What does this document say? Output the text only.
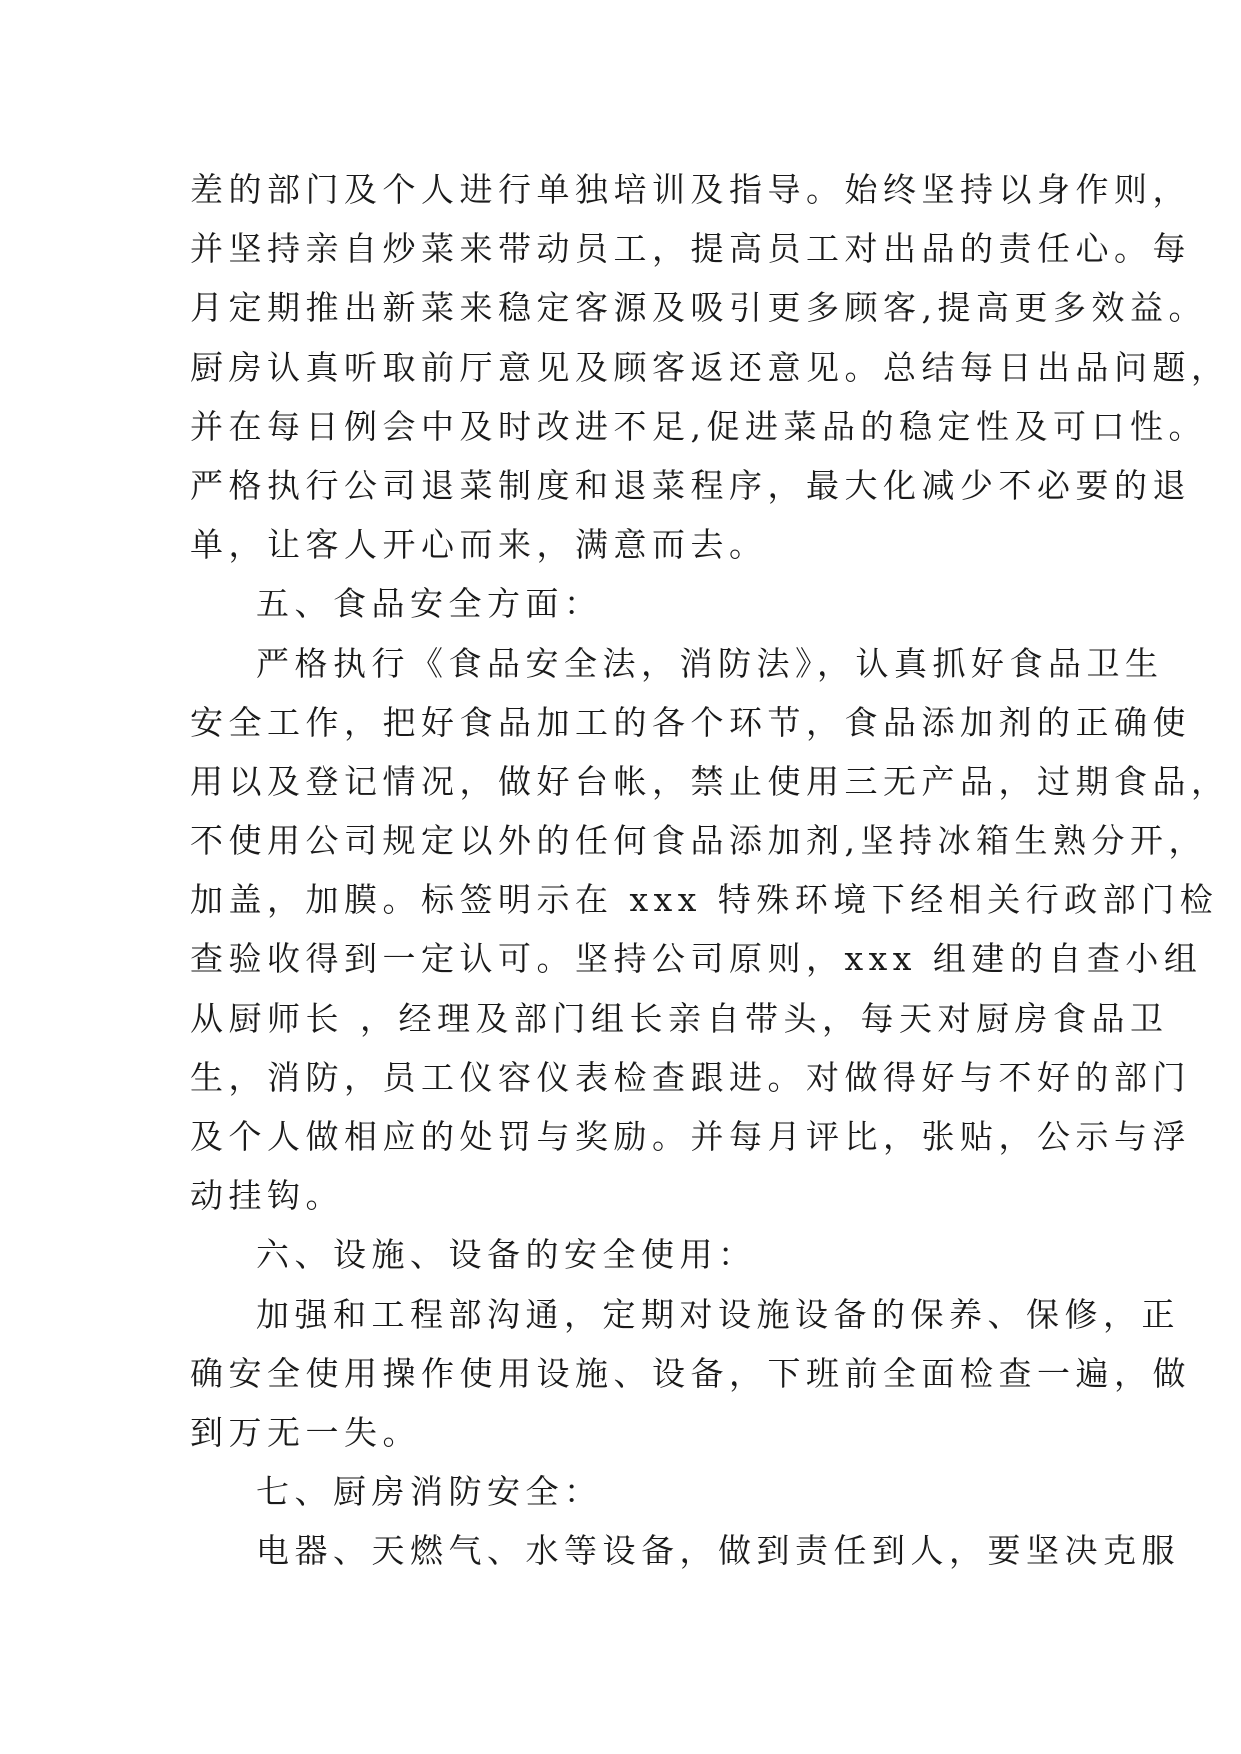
差的部门及个人进行单独培训及指导。始终坚持以身作则，
并坚持亲自炒菜来带动员工，提高员工对出品的责任心。每
月定期推出新菜来稳定客源及吸引更多顾客,提高更多效益。
厨房认真听取前厅意见及顾客返还意见。总结每日出品问题，
并在每日例会中及时改进不足,促进菜品的稳定性及可口性。
严格执行公司退菜制度和退菜程序，最大化减少不必要的退
单，让客人开心而来，满意而去。
五、食品安全方面：
严格执行《食品安全法，消防法》，认真抓好食品卫生
安全工作，把好食品加工的各个环节，食品添加剂的正确使
用以及登记情况，做好台帐，禁止使用三无产品，过期食品，
不使用公司规定以外的任何食品添加剂,坚持冰箱生熟分开，
加盖，加膜。标签明示在 xxx 特殊环境下经相关行政部门检
查验收得到一定认可。坚持公司原则，xxx 组建的自查小组
从厨师长 ，经理及部门组长亲自带头，每天对厨房食品卫
生，消防，员工仪容仪表检查跟进。对做得好与不好的部门
及个人做相应的处罚与奖励。并每月评比，张贴，公示与浮
动挂钩。
六、设施、设备的安全使用：
加强和工程部沟通，定期对设施设备的保养、保修，正
确安全使用操作使用设施、设备，下班前全面检查一遍，做
到万无一失。
七、厨房消防安全：
电器、天燃气、水等设备，做到责任到人，要坚决克服
